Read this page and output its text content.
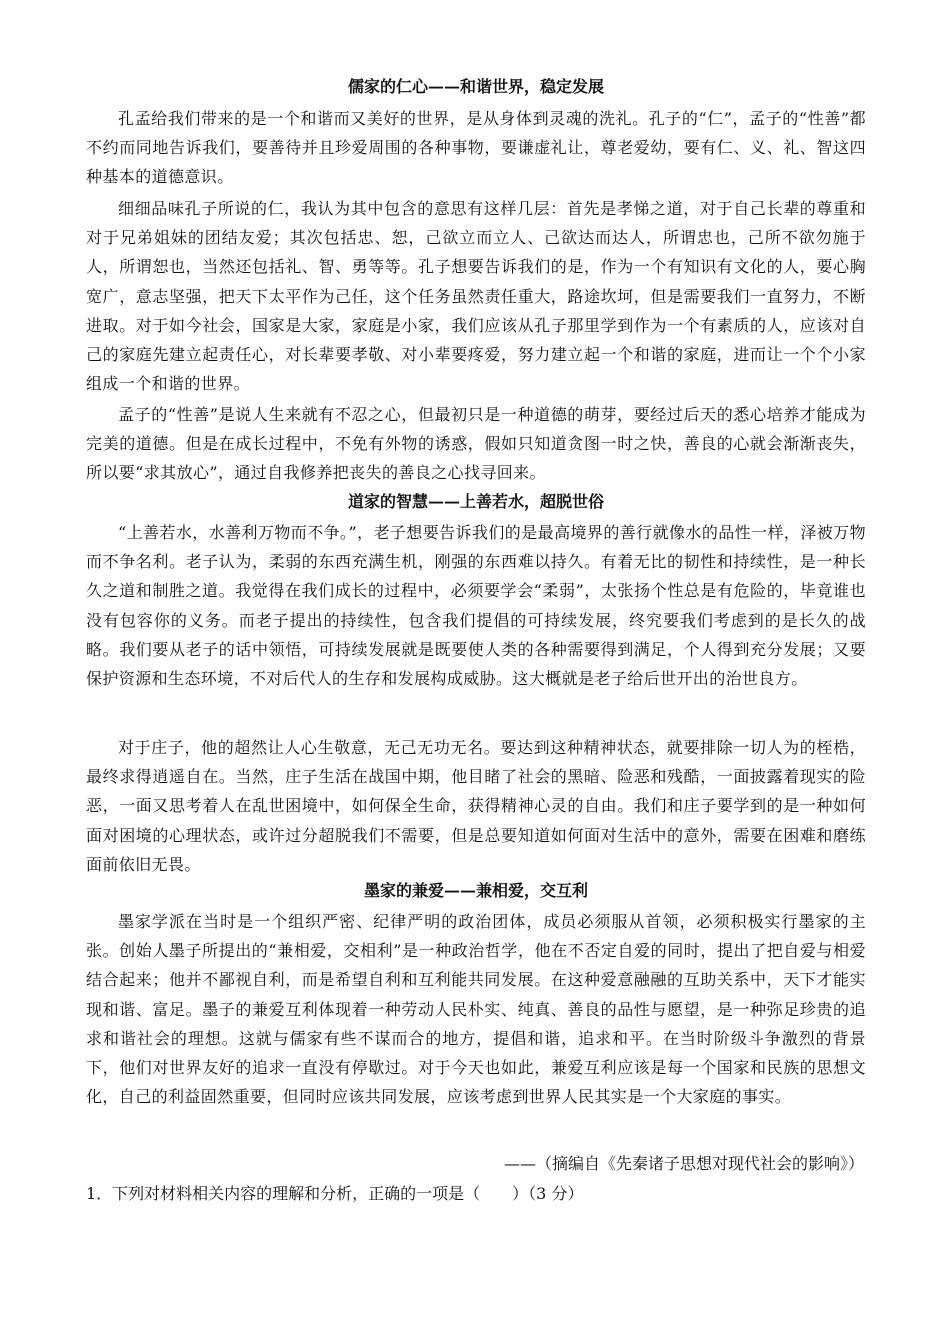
儒家的仁心——和谐世界，稳定发展

孔孟给我们带来的是一个和谐而又美好的世界，是从身体到灵魂的洗礼。孔子的“仁”，孟子的“性善”都不约而同地告诉我们，要善待并且珍爱周围的各种事物，要谦虚礼让，尊老爱幼，要有仁、义、礼、智这四种基本的道德意识。

细细品味孔子所说的仁，我认为其中包含的意思有这样几层：首先是孝悌之道，对于自己长辈的尊重和对于兄弟姐妹的团结友爱；其次包括忠、恕，己欲立而立人、己欲达而达人，所谓忠也，己所不欲勿施于人，所谓恕也，当然还包括礼、智、勇等等。孔子想要告诉我们的是，作为一个有知识有文化的人，要心胸宽广，意志坚强，把天下太平作为己任，这个任务虽然责任重大，路途坎坷，但是需要我们一直努力，不断进取。对于如今社会，国家是大家，家庭是小家，我们应该从孔子那里学到作为一个有素质的人，应该对自己的家庭先建立起责任心，对长辈要孝敬、对小辈要疼爱，努力建立起一个和谐的家庭，进而让一个个小家组成一个和谐的世界。

孟子的“性善”是说人生来就有不忍之心，但最初只是一种道德的萌芽，要经过后天的悉心培养才能成为完美的道德。但是在成长过程中，不免有外物的诱惑，假如只知道贪图一时之快，善良的心就会渐渐丧失，所以要“求其放心”，通过自我修养把丧失的善良之心找寻回来。

道家的智慧——上善若水，超脱世俗

“上善若水，水善利万物而不争。”，老子想要告诉我们的是最高境界的善行就像水的品性一样，泽被万物而不争名利。老子认为，柔弱的东西充满生机，刚强的东西难以持久。有着无比的韧性和持续性，是一种长久之道和制胜之道。我觉得在我们成长的过程中，必须要学会“柔弱”，太张扬个性总是有危险的，毕竟谁也没有包容你的义务。而老子提出的持续性，包含我们提倡的可持续发展，终究要我们考虑到的是长久的战略。我们要从老子的话中领悟，可持续发展就是既要使人类的各种需要得到满足，个人得到充分发展；又要保护资源和生态环境，不对后代人的生存和发展构成威胁。这大概就是老子给后世开出的治世良方。

对于庄子，他的超然让人心生敬意，无己无功无名。要达到这种精神状态，就要排除一切人为的桎梏，最终求得逍遥自在。当然，庄子生活在战国中期，他目睹了社会的黑暗、险恶和残酷，一面披露着现实的险恶，一面又思考着人在乱世困境中，如何保全生命，获得精神心灵的自由。我们和庄子要学到的是一种如何面对困境的心理状态，或许过分超脱我们不需要，但是总要知道如何面对生活中的意外，需要在困难和磨练面前依旧无畏。

墨家的兼爱——兼相爱，交互利

墨家学派在当时是一个组织严密、纪律严明的政治团体，成员必须服从首领，必须积极实行墨家的主张。创始人墨子所提出的“兼相爱，交相利”是一种政治哲学，他在不否定自爱的同时，提出了把自爱与相爱结合起来；他并不鄙视自利，而是希望自利和互利能共同发展。在这种爱意融融的互助关系中，天下才能实现和谐、富足。墨子的兼爱互利体现着一种劳动人民朴实、纯真、善良的品性与愿望，是一种弥足珍贵的追求和谐社会的理想。这就与儒家有些不谋而合的地方，提倡和谐，追求和平。在当时阶级斗争激烈的背景下，他们对世界友好的追求一直没有停歇过。对于今天也如此，兼爱互利应该是每一个国家和民族的思想文化，自己的利益固然重要，但同时应该共同发展，应该考虑到世界人民其实是一个大家庭的事实。

——（摘编自《先秦诸子思想对现代社会的影响》）

1．下列对材料相关内容的理解和分析，正确的一项是（　　）（3 分）
